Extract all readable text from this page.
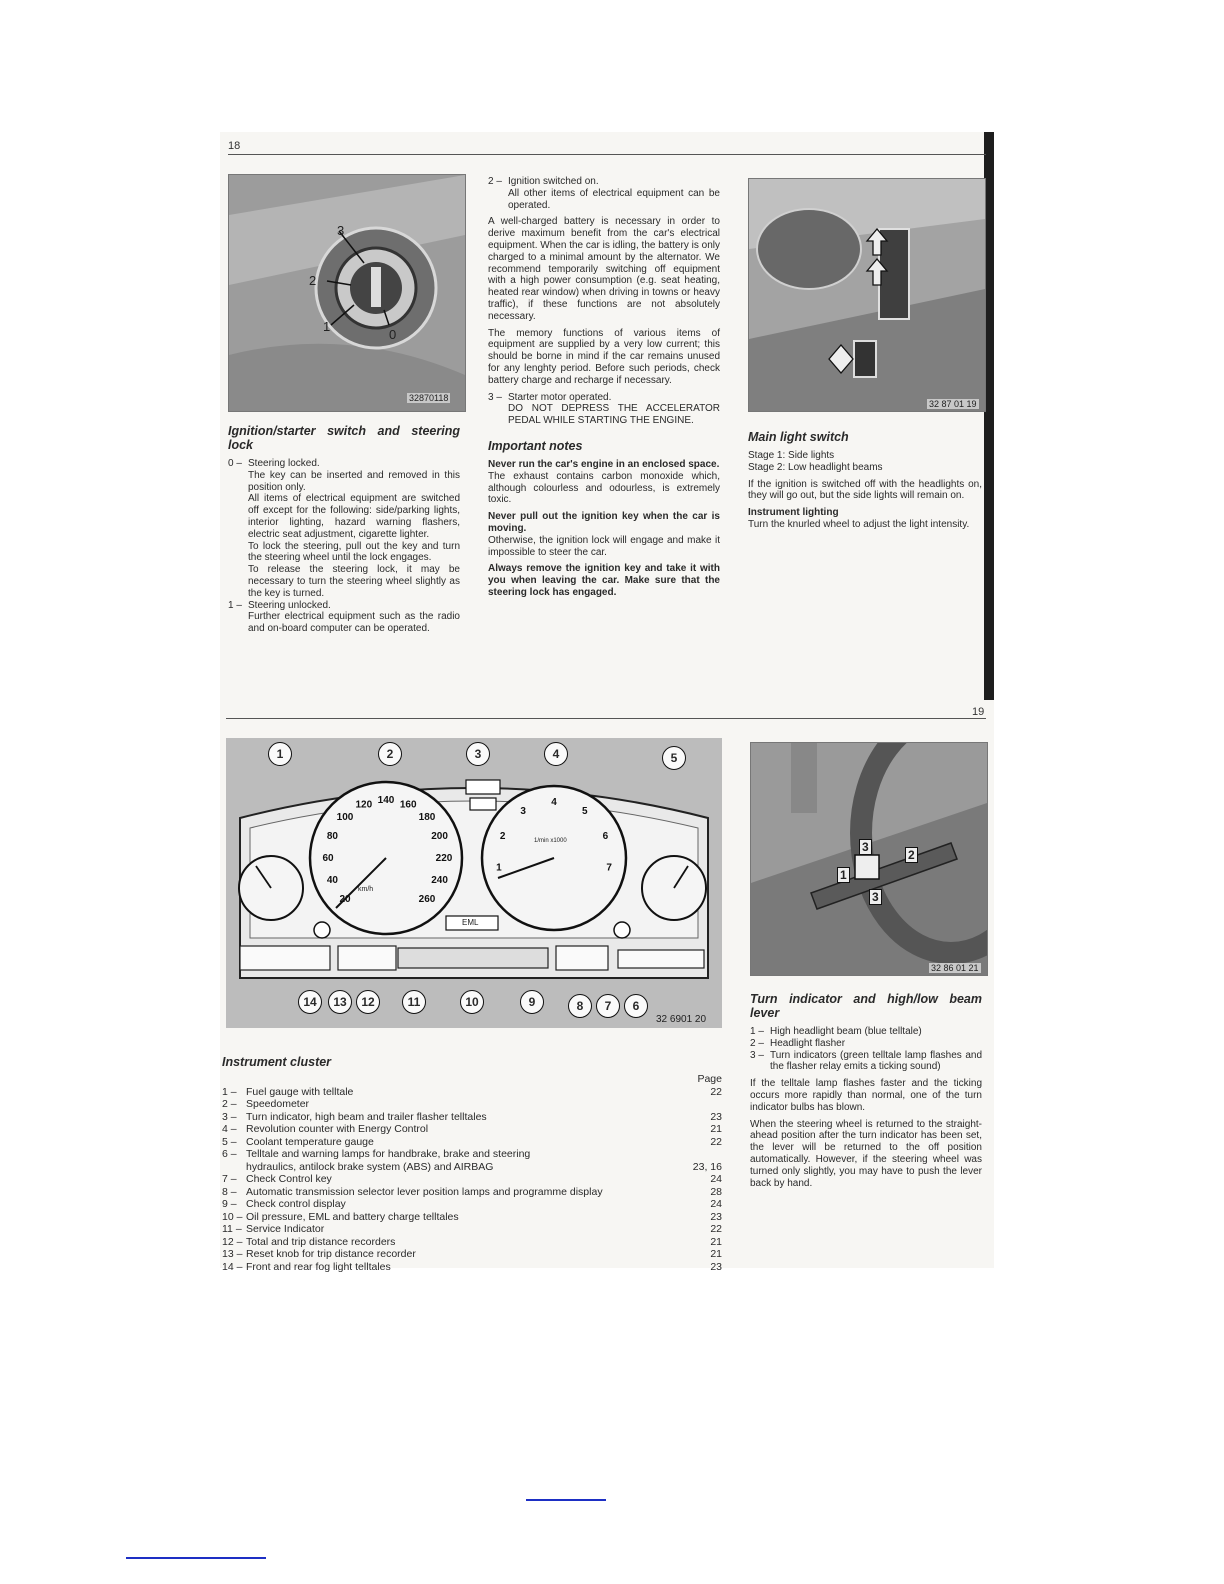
18
3
2
1
0
32870118
Ignition/starter switch and steering lock
0 – Steering locked.
The key can be inserted and removed in this position only.
All items of electrical equipment are switched off except for the following: side/parking lights, interior lighting, hazard warning flashers, electric seat adjustment, cigarette lighter.
To lock the steering, pull out the key and turn the steering wheel until the lock engages.
To release the steering lock, it may be necessary to turn the steering wheel slightly as the key is turned.
1 – Steering unlocked.
Further electrical equipment such as the radio and on-board computer can be operated.
2 – Ignition switched on.

All other items of electrical equipment can be operated.

A well-charged battery is necessary in order to derive maximum benefit from the car's electrical equipment. When the car is idling, the battery is only charged to a minimal amount by the alternator. We recommend temporarily switching off equipment with a high power consumption (e.g. seat heating, heated rear window) when driving in towns or heavy traffic), if these functions are not absolutely necessary.

The memory functions of various items of equipment are supplied by a very low current; this should be borne in mind if the car remains unused for any lenghty period. Before such periods, check battery charge and recharge if necessary.

3 – Starter motor operated.

DO NOT DEPRESS THE ACCELERATOR PEDAL WHILE STARTING THE ENGINE.

Important notes
Never run the car's engine in an enclosed space.

The exhaust contains carbon monoxide which, although colourless and odourless, is extremely toxic.

Never pull out the ignition key when the car is moving.

Otherwise, the ignition lock will engage and make it impossible to steer the car.

Always remove the ignition key and take it with you when leaving the car. Make sure that the steering lock has engaged.

32 87 01 19
Main light switch
Stage 1: Side lights
Stage 2: Low headlight beams

If the ignition is switched off with the headlights on, they will go out, but the side lights will remain on.

Instrument lighting

Turn the knurled wheel to adjust the light intensity.

19
20
40
60
80
100
120 140 160
180
200
220
240
260
1
2
3
4
5
6
7
km/h
1/min x1000
EML
32 6901 20
1	2	3	4	5
14	13	12	11	10	9	8	7	6
Instrument cluster
Page
1 – Fuel gauge with telltale	22
2 – Speedometer
3 – Turn indicator, high beam and trailer flasher telltales	23
4 – Revolution counter with Energy Control	21
5 – Coolant temperature gauge	22
6 – Telltale and warning lamps for handbrake, brake and steering
hydraulics, antilock brake system (ABS) and AIRBAG	23, 16
7 – Check Control key	24
8 – Automatic transmission selector lever position lamps and programme display	28
9 – Check control display	24
10 – Oil pressure, EML and battery charge telltales	23
11 – Service Indicator	22
12 – Total and trip distance recorders	21
13 – Reset knob for trip distance recorder	21
14 – Front and rear fog light telltales	23
3
2
1
3
32 86 01 21
Turn indicator and high/low beam lever
1 – High headlight beam (blue telltale)
2 – Headlight flasher
3 – Turn indicators (green telltale lamp flashes and the flasher relay emits a ticking sound)

If the telltale lamp flashes faster and the ticking occurs more rapidly than normal, one of the turn indicator bulbs has blown.

When the steering wheel is returned to the straight-ahead position after the turn indicator has been set, the lever will be returned to the off position automatically. However, if the steering wheel was turned only slightly, you may have to push the lever back by hand.
